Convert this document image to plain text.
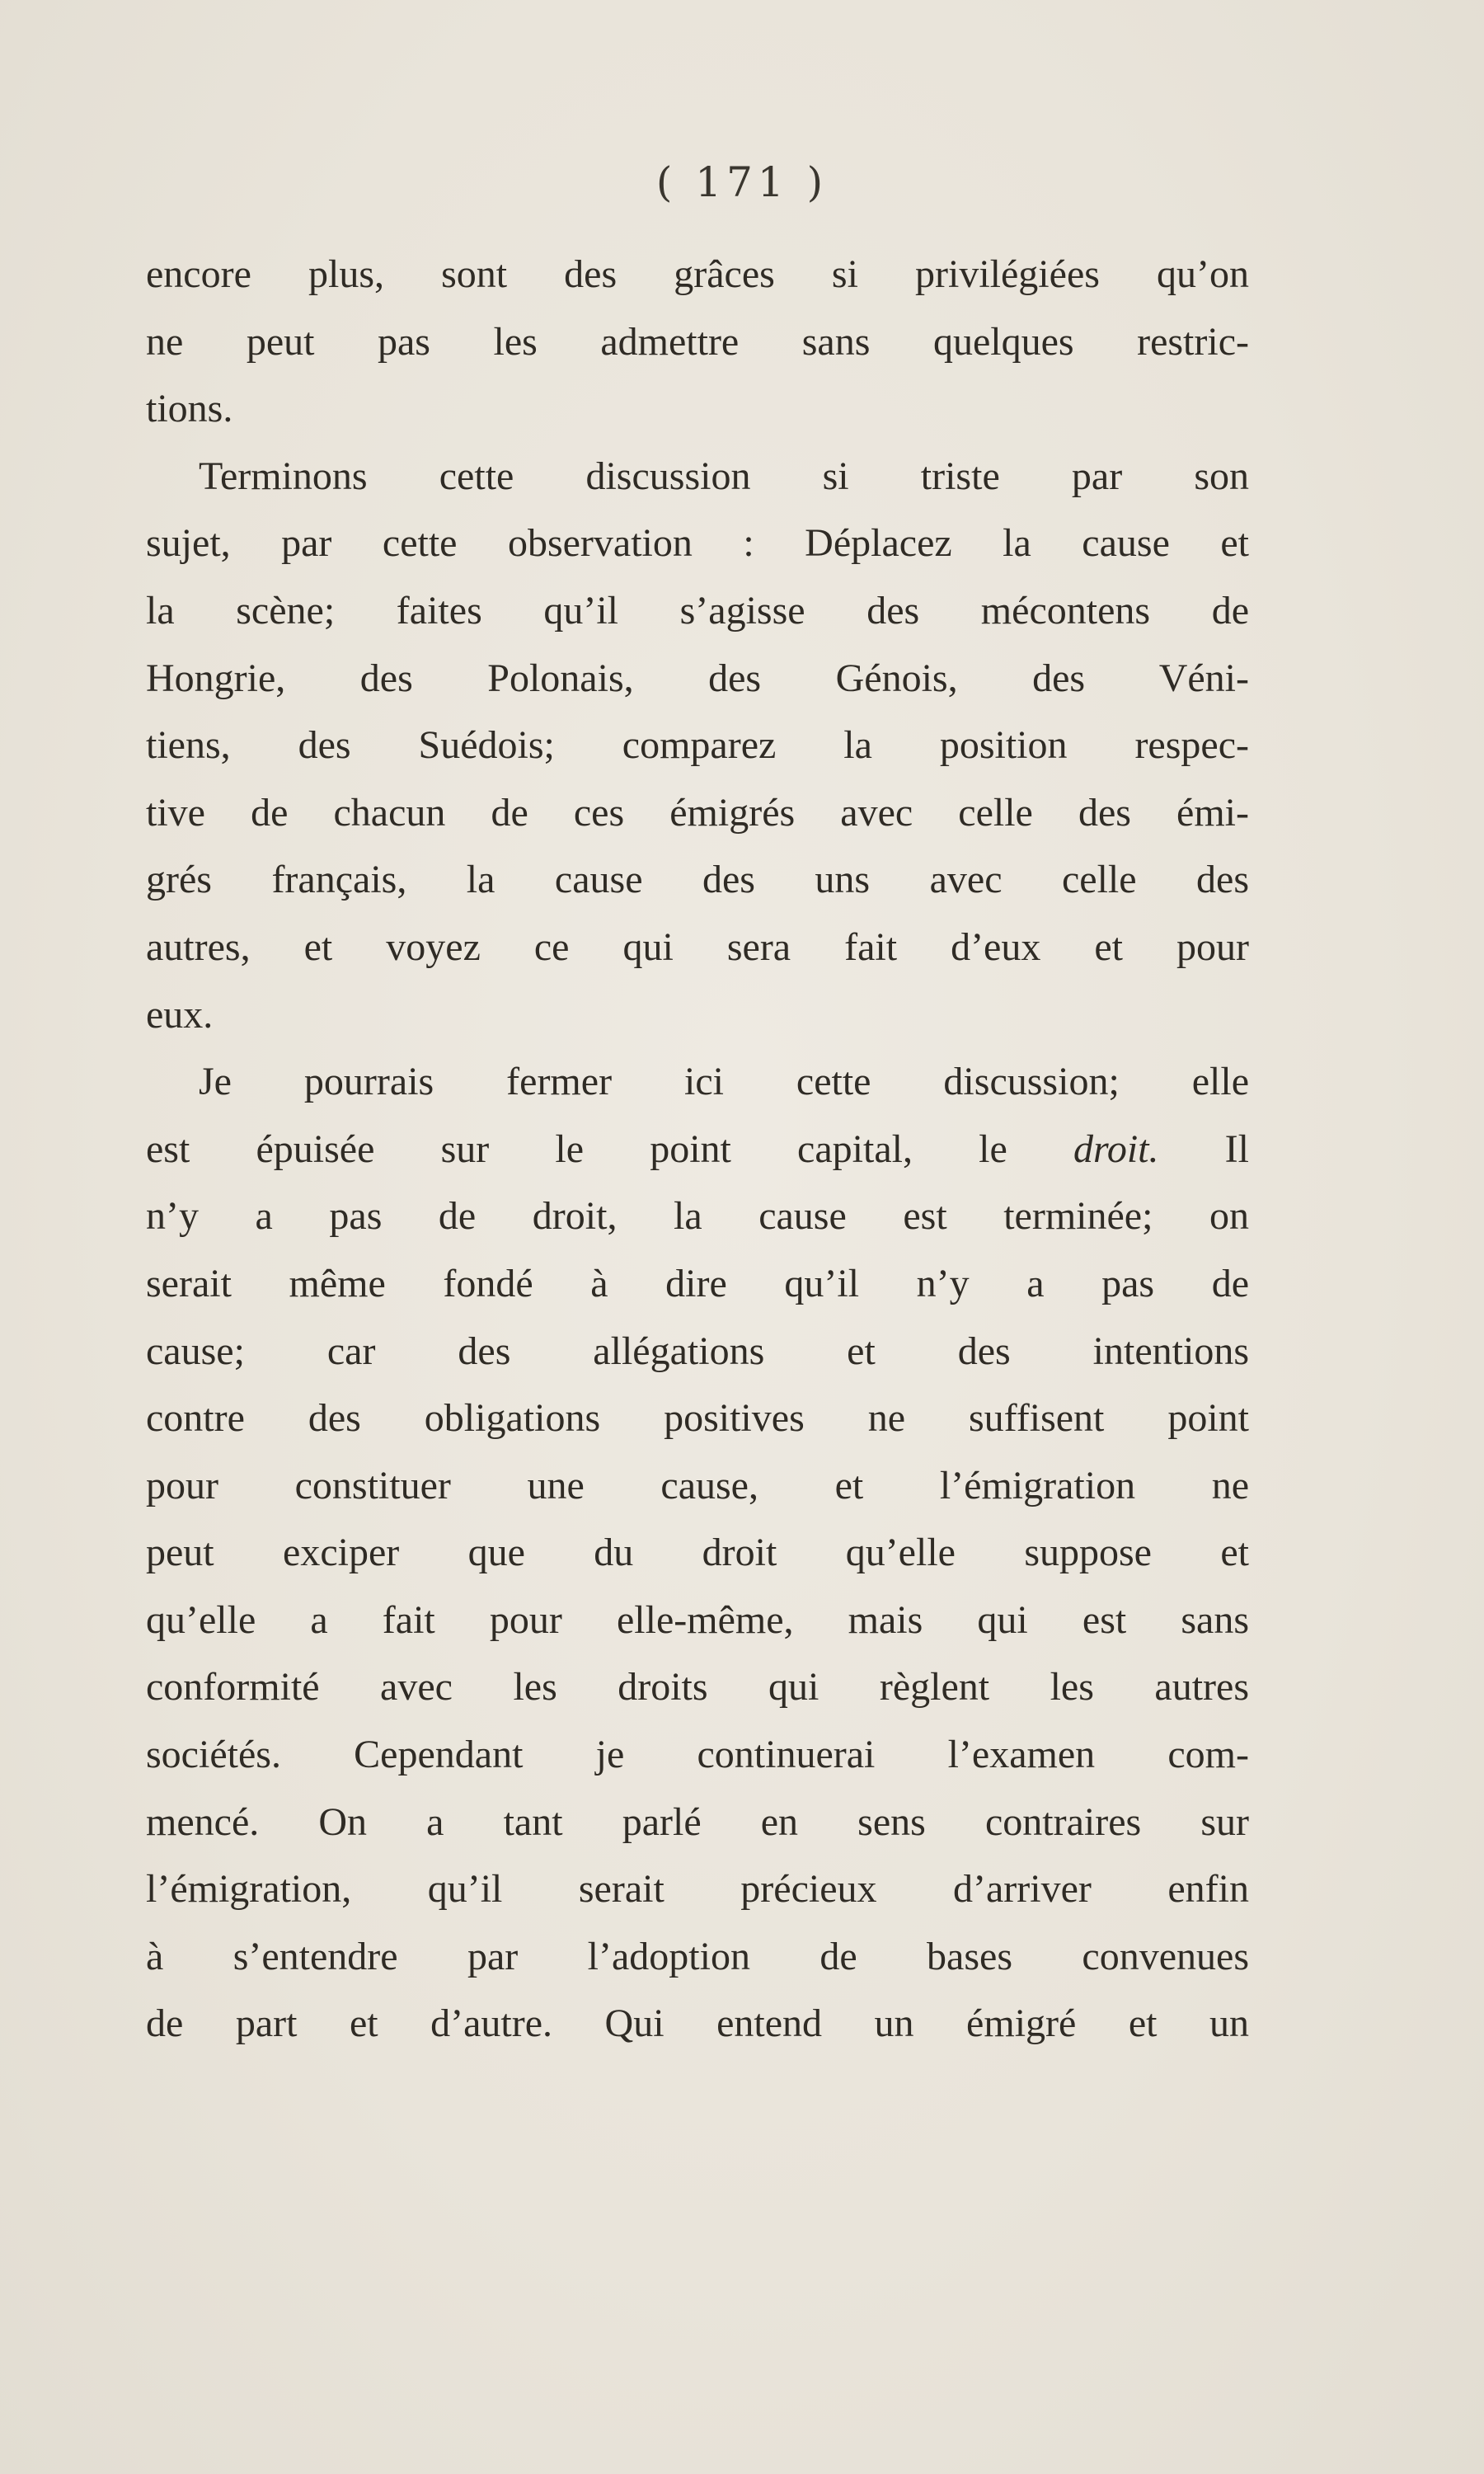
( 171 )
encore plus, sont des grâces si privilégiées qu’on
ne peut pas les admettre sans quelques restric-
tions.
Terminons cette discussion si triste par son
sujet, par cette observation : Déplacez la cause et
la scène; faites qu’il s’agisse des mécontens de
Hongrie, des Polonais, des Génois, des Véni-
tiens, des Suédois; comparez la position respec-
tive de chacun de ces émigrés avec celle des émi-
grés français, la cause des uns avec celle des
autres, et voyez ce qui sera fait d’eux et pour
eux.
Je pourrais fermer ici cette discussion; elle
est épuisée sur le point capital, le droit. Il
n’y a pas de droit, la cause est terminée; on
serait même fondé à dire qu’il n’y a pas de
cause; car des allégations et des intentions
contre des obligations positives ne suffisent point
pour constituer une cause, et l’émigration ne
peut exciper que du droit qu’elle suppose et
qu’elle a fait pour elle-même, mais qui est sans
conformité avec les droits qui règlent les autres
sociétés. Cependant je continuerai l’examen com-
mencé. On a tant parlé en sens contraires sur
l’émigration, qu’il serait précieux d’arriver enfin
à s’entendre par l’adoption de bases convenues
de part et d’autre. Qui entend un émigré et un
